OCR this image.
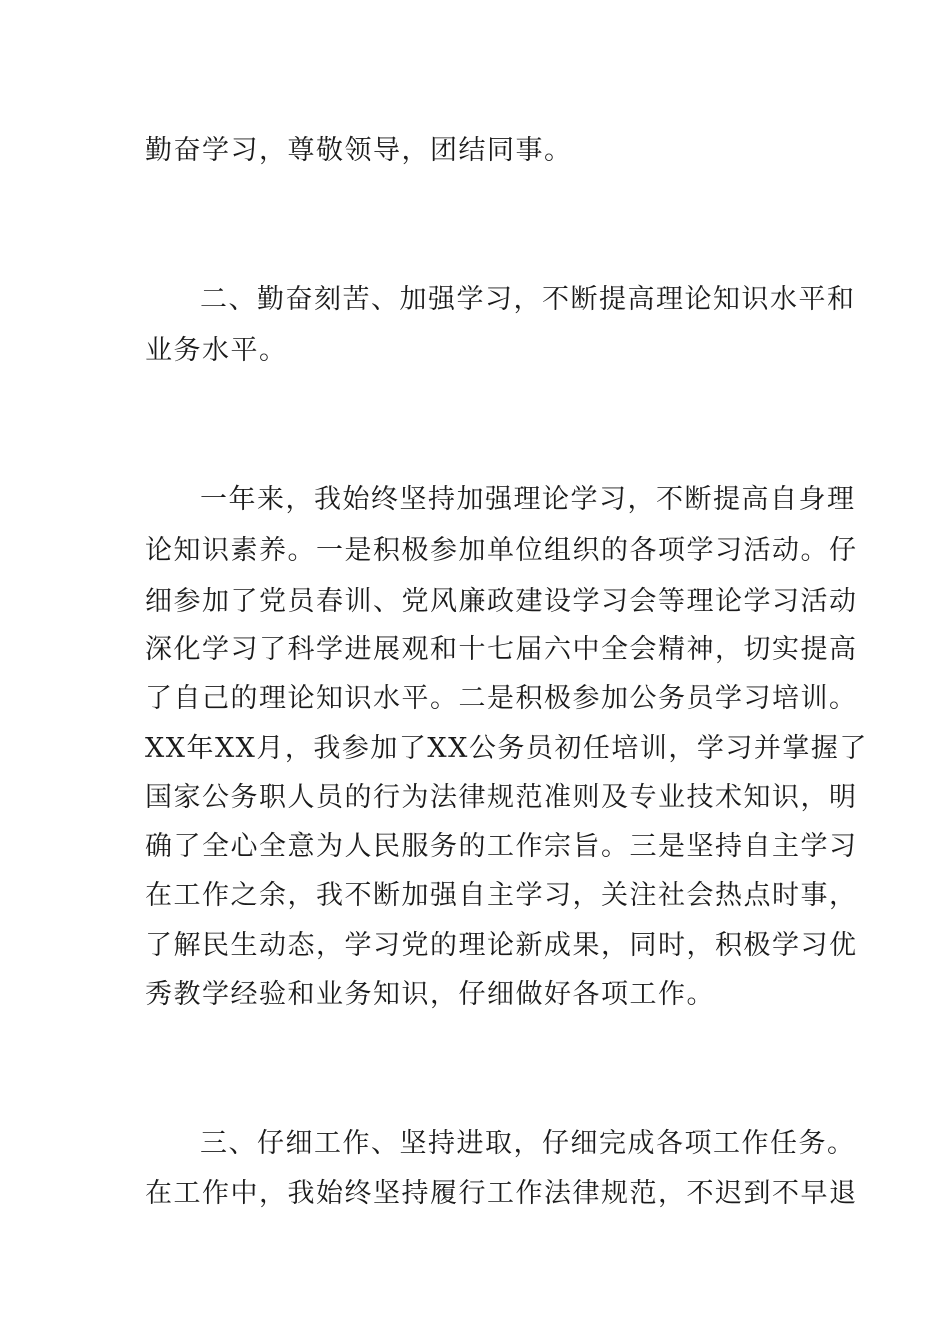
勤奋学习，尊敬领导，团结同事。
二、勤奋刻苦、加强学习，不断提高理论知识水平和
业务水平。
一年来，我始终坚持加强理论学习，不断提高自身理
论知识素养。一是积极参加单位组织的各项学习活动。仔
细参加了党员春训、党风廉政建设学习会等理论学习活动
深化学习了科学进展观和十七届六中全会精神，切实提高
了自己的理论知识水平。二是积极参加公务员学习培训。
XX年XX月，我参加了XX公务员初任培训，学习并掌握了
国家公务职人员的行为法律规范准则及专业技术知识，明
确了全心全意为人民服务的工作宗旨。三是坚持自主学习
在工作之余，我不断加强自主学习，关注社会热点时事，
了解民生动态，学习党的理论新成果，同时，积极学习优
秀教学经验和业务知识，仔细做好各项工作。
三、仔细工作、坚持进取，仔细完成各项工作任务。
在工作中，我始终坚持履行工作法律规范，不迟到不早退
